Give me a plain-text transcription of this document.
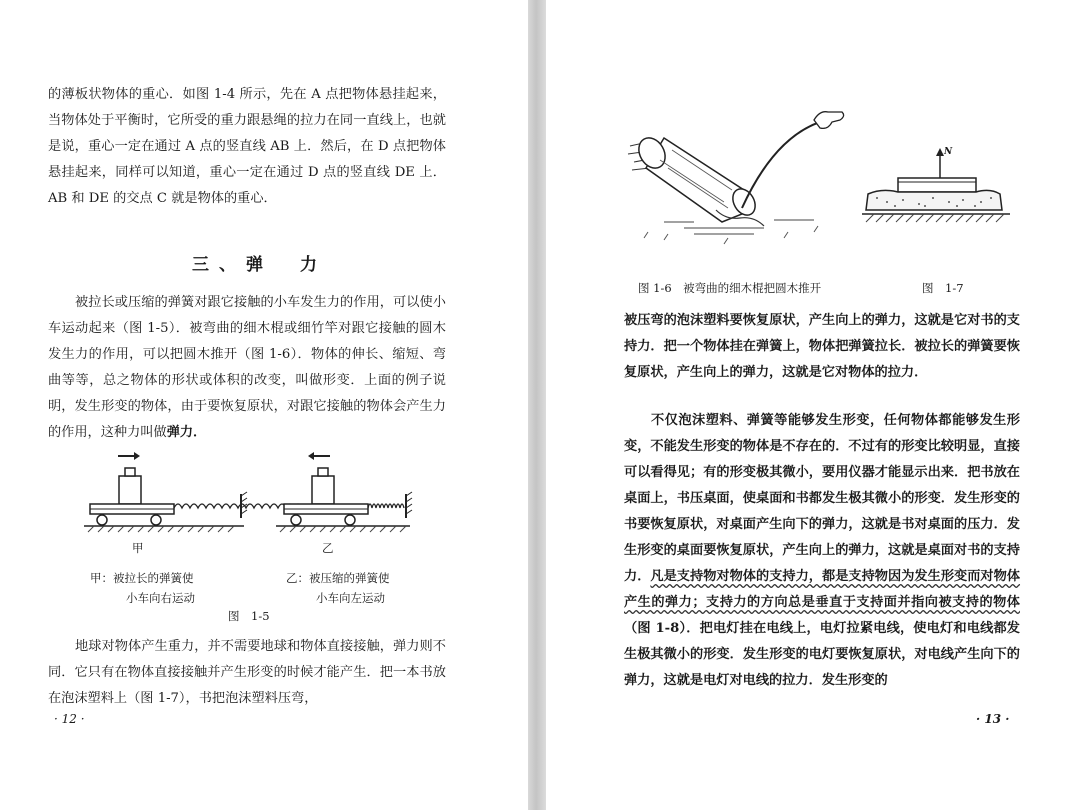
的薄板状物体的重心．如图 1-4 所示，先在 A 点把物体悬挂起来，当物体处于平衡时，它所受的重力跟悬绳的拉力在同一直线上，也就是说，重心一定在通过 A 点的竖直线 AB 上．然后，在 D 点把物体悬挂起来，同样可以知道，重心一定在通过 D 点的竖直线 DE 上．AB 和 DE 的交点 C 就是物体的重心．

三、弹　力

被拉长或压缩的弹簧对跟它接触的小车发生力的作用，可以使小车运动起来（图 1-5）．被弯曲的细木棍或细竹竿对跟它接触的圆木发生力的作用，可以把圆木推开（图 1-6）．物体的伸长、缩短、弯曲等等，总之物体的形状或体积的改变，叫做形变．上面的例子说明，发生形变的物体，由于要恢复原状，对跟它接触的物体会产生力的作用，这种力叫做弹力．

甲	乙
甲：被拉长的弹簧使
小车向右运动
乙：被压缩的弹簧使
小车向左运动
图　1-5

地球对物体产生重力，并不需要地球和物体直接接触，弹力则不同．它只有在物体直接接触并产生形变的时候才能产生．把一本书放在泡沫塑料上（图 1-7），书把泡沫塑料压弯，

· 12 ·
N
图 1-6　被弯曲的细木棍把圆木推开	图　1-7

被压弯的泡沫塑料要恢复原状，产生向上的弹力，这就是它对书的支持力．把一个物体挂在弹簧上，物体把弹簧拉长．被拉长的弹簧要恢复原状，产生向上的弹力，这就是它对物体的拉力．

不仅泡沫塑料、弹簧等能够发生形变，任何物体都能够发生形变，不能发生形变的物体是不存在的．不过有的形变比较明显，直接可以看得见；有的形变极其微小，要用仪器才能显示出来．把书放在桌面上，书压桌面，使桌面和书都发生极其微小的形变．发生形变的书要恢复原状，对桌面产生向下的弹力，这就是书对桌面的压力．发生形变的桌面要恢复原状，产生向上的弹力，这就是桌面对书的支持力．凡是支持物对物体的支持力，都是支持物因为发生形变而对物体产生的弹力；支持力的方向总是垂直于支持面并指向被支持的物体（图 1-8）．把电灯挂在电线上，电灯拉紧电线，使电灯和电线都发生极其微小的形变．发生形变的电灯要恢复原状，对电线产生向下的弹力，这就是电灯对电线的拉力．发生形变的

· 13 ·
